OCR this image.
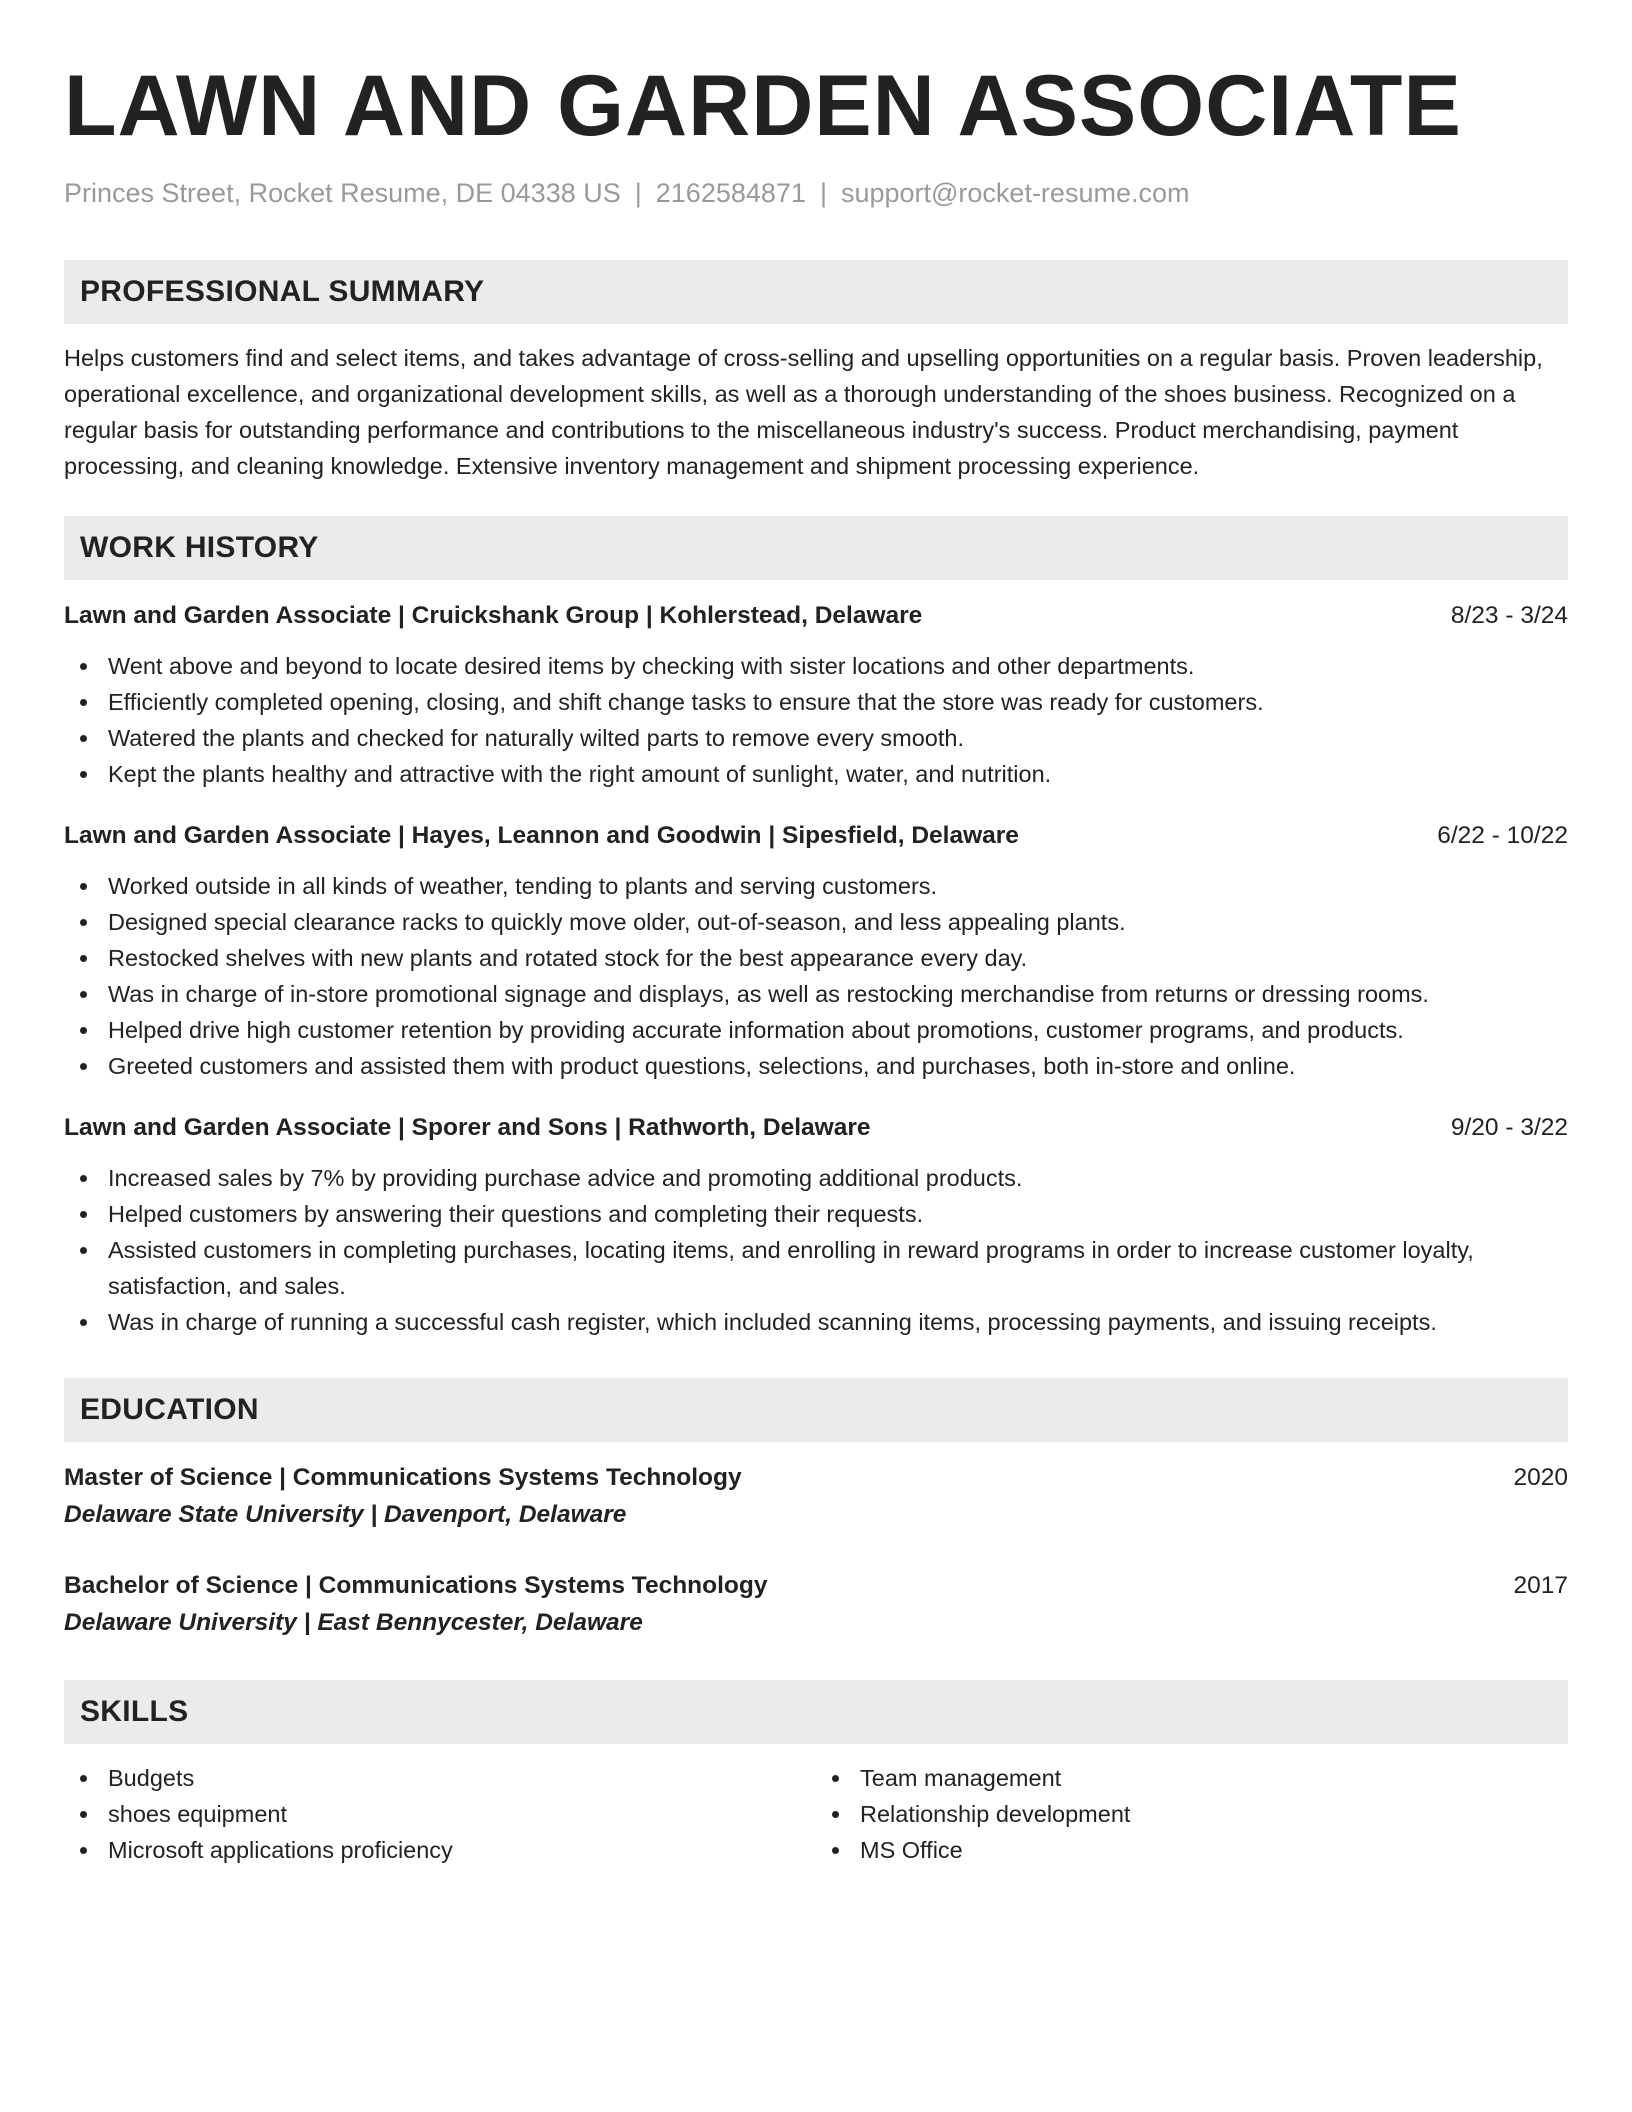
LAWN AND GARDEN ASSOCIATE
Princes Street, Rocket Resume, DE 04338 US | 2162584871 | support@rocket-resume.com
PROFESSIONAL SUMMARY

Helps customers find and select items, and takes advantage of cross-selling and upselling opportunities on a regular basis. Proven leadership, operational excellence, and organizational development skills, as well as a thorough understanding of the shoes business. Recognized on a regular basis for outstanding performance and contributions to the miscellaneous industry's success. Product merchandising, payment processing, and cleaning knowledge. Extensive inventory management and shipment processing experience.

WORK HISTORY
Lawn and Garden Associate | Cruickshank Group | Kohlerstead, Delaware	8/23 - 3/24
Went above and beyond to locate desired items by checking with sister locations and other departments.
Efficiently completed opening, closing, and shift change tasks to ensure that the store was ready for customers.
Watered the plants and checked for naturally wilted parts to remove every smooth.
Kept the plants healthy and attractive with the right amount of sunlight, water, and nutrition.
Lawn and Garden Associate | Hayes, Leannon and Goodwin | Sipesfield, Delaware	6/22 - 10/22
Worked outside in all kinds of weather, tending to plants and serving customers.
Designed special clearance racks to quickly move older, out-of-season, and less appealing plants.
Restocked shelves with new plants and rotated stock for the best appearance every day.
Was in charge of in-store promotional signage and displays, as well as restocking merchandise from returns or dressing rooms.
Helped drive high customer retention by providing accurate information about promotions, customer programs, and products.
Greeted customers and assisted them with product questions, selections, and purchases, both in-store and online.
Lawn and Garden Associate | Sporer and Sons | Rathworth, Delaware	9/20 - 3/22
Increased sales by 7% by providing purchase advice and promoting additional products.
Helped customers by answering their questions and completing their requests.
Assisted customers in completing purchases, locating items, and enrolling in reward programs in order to increase customer loyalty, satisfaction, and sales.
Was in charge of running a successful cash register, which included scanning items, processing payments, and issuing receipts.
EDUCATION
Master of Science | Communications Systems Technology	2020
Delaware State University | Davenport, Delaware
Bachelor of Science | Communications Systems Technology	2017
Delaware University | East Bennycester, Delaware
SKILLS
Budgets
shoes equipment
Microsoft applications proficiency
Team management
Relationship development
MS Office
